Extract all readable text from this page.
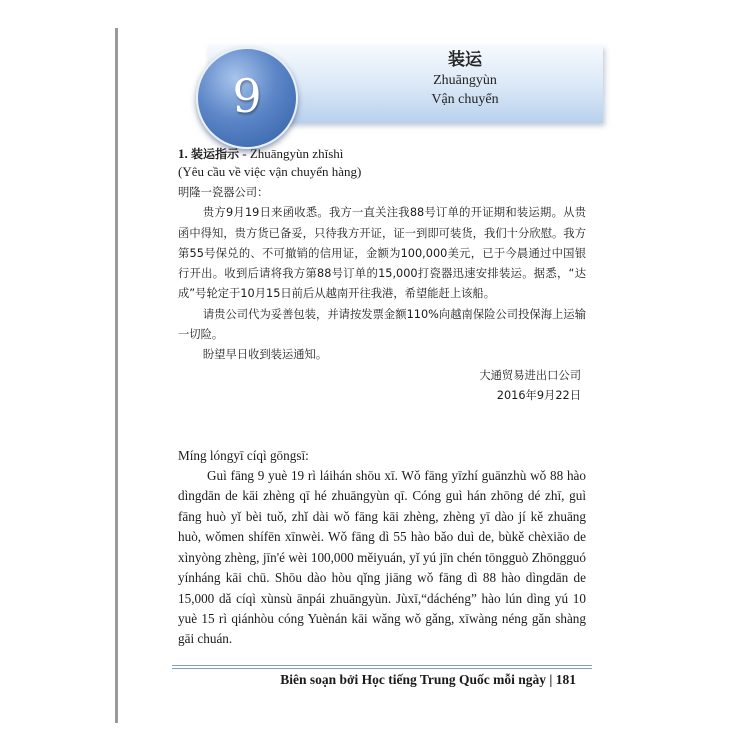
9
装运
Zhuāngyùn
Vận chuyển
1. 装运指示 - Zhuāngyùn zhǐshì
(Yêu cầu về việc vận chuyển hàng)

明隆一瓷器公司：

贵方9月19日来函收悉。我方一直关注我88号订单的开证期和装运期。从贵函中得知，贵方货已备妥，只待我方开证，证一到即可装货，我们十分欣慰。我方第55号保兑的、不可撤销的信用证，金额为100,000美元，已于今晨通过中国银行开出。收到后请将我方第88号订单的15,000打瓷器迅速安排装运。据悉，“达成”号轮定于10月15日前后从越南开往我港，希望能赶上该船。

请贵公司代为妥善包装，并请按发票金额110%向越南保险公司投保海上运输一切险。

盼望早日收到装运通知。

大通贸易进出口公司
2016年9月22日

Míng lóngyī cíqì gōngsī:

Guì fāng 9 yuè 19 rì láihán shōu xī. Wǒ fāng yīzhí guānzhù wǒ 88 hào dìngdān de kāi zhèng qī hé zhuāngyùn qī. Cóng guì hán zhōng dé zhī, guì fāng huò yǐ bèi tuǒ, zhǐ dài wǒ fāng kāi zhèng, zhèng yī dào jí kě zhuāng huò, wǒmen shífēn xīnwèi. Wǒ fāng dì 55 hào bǎo duì de, bùkě chèxiāo de xìnyòng zhèng, jīn'é wèi 100,000 měiyuán, yǐ yú jīn chén tōngguò Zhōngguó yínháng kāi chū. Shōu dào hòu qǐng jiāng wǒ fāng dì 88 hào dìngdān de 15,000 dǎ cíqì xùnsù ānpái zhuāngyùn. Jùxī,“dáchéng” hào lún dìng yú 10 yuè 15 rì qiánhòu cóng Yuènán kāi wǎng wǒ gǎng, xīwàng néng gǎn shàng gāi chuán.

Biên soạn bởi Học tiếng Trung Quốc mỗi ngày | 181
